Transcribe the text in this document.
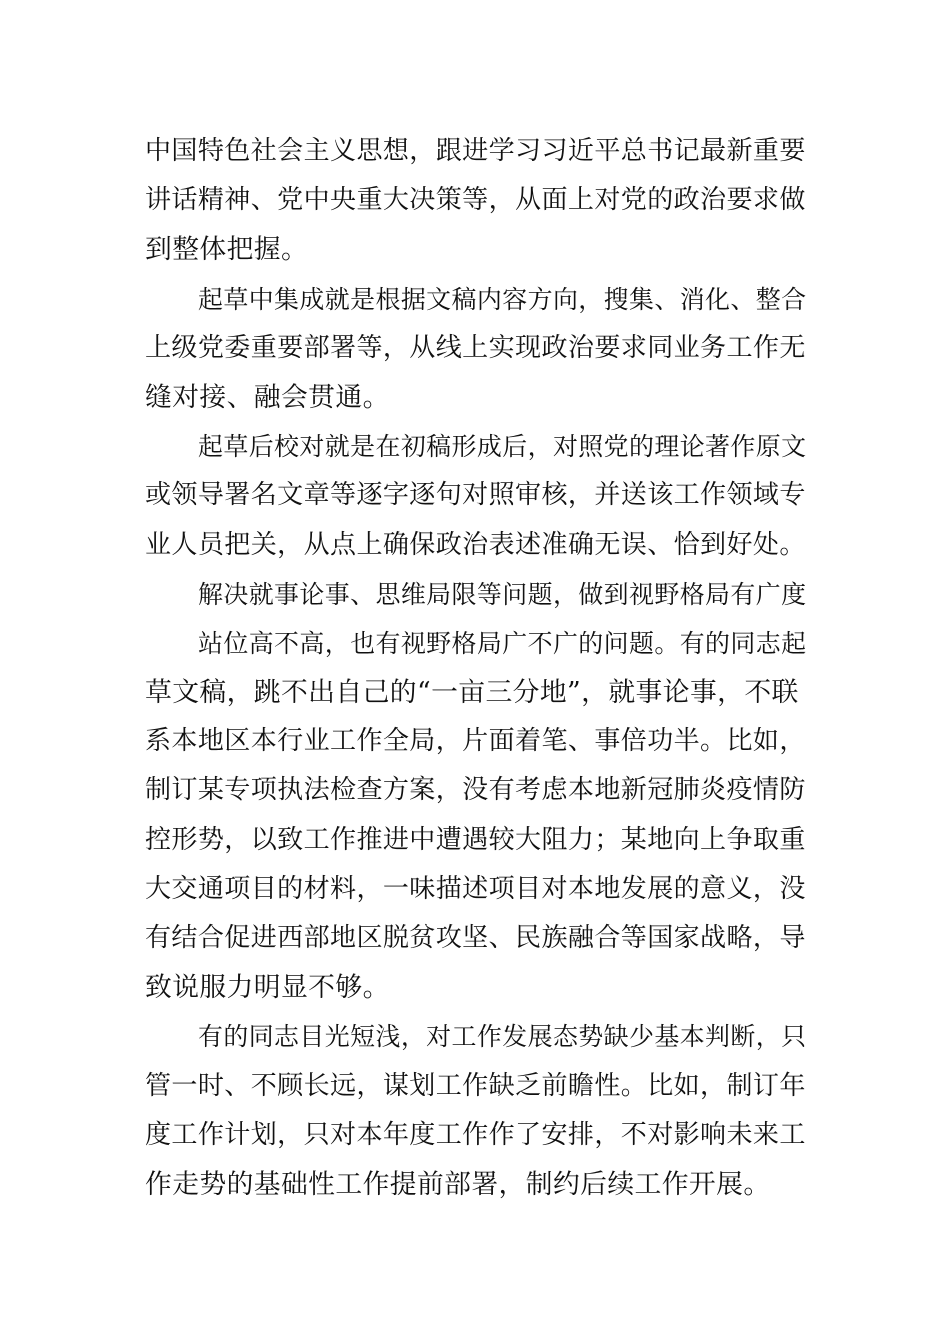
中国特色社会主义思想，跟进学习习近平总书记最新重要
讲话精神、党中央重大决策等，从面上对党的政治要求做
到整体把握。
起草中集成就是根据文稿内容方向，搜集、消化、整合
上级党委重要部署等，从线上实现政治要求同业务工作无
缝对接、融会贯通。
起草后校对就是在初稿形成后，对照党的理论著作原文
或领导署名文章等逐字逐句对照审核，并送该工作领域专
业人员把关，从点上确保政治表述准确无误、恰到好处。
解决就事论事、思维局限等问题，做到视野格局有广度
站位高不高，也有视野格局广不广的问题。有的同志起
草文稿，跳不出自己的“一亩三分地”，就事论事，不联
系本地区本行业工作全局，片面着笔、事倍功半。比如，
制订某专项执法检查方案，没有考虑本地新冠肺炎疫情防
控形势，以致工作推进中遭遇较大阻力；某地向上争取重
大交通项目的材料，一味描述项目对本地发展的意义，没
有结合促进西部地区脱贫攻坚、民族融合等国家战略，导
致说服力明显不够。
有的同志目光短浅，对工作发展态势缺少基本判断，只
管一时、不顾长远，谋划工作缺乏前瞻性。比如，制订年
度工作计划，只对本年度工作作了安排，不对影响未来工
作走势的基础性工作提前部署，制约后续工作开展。
